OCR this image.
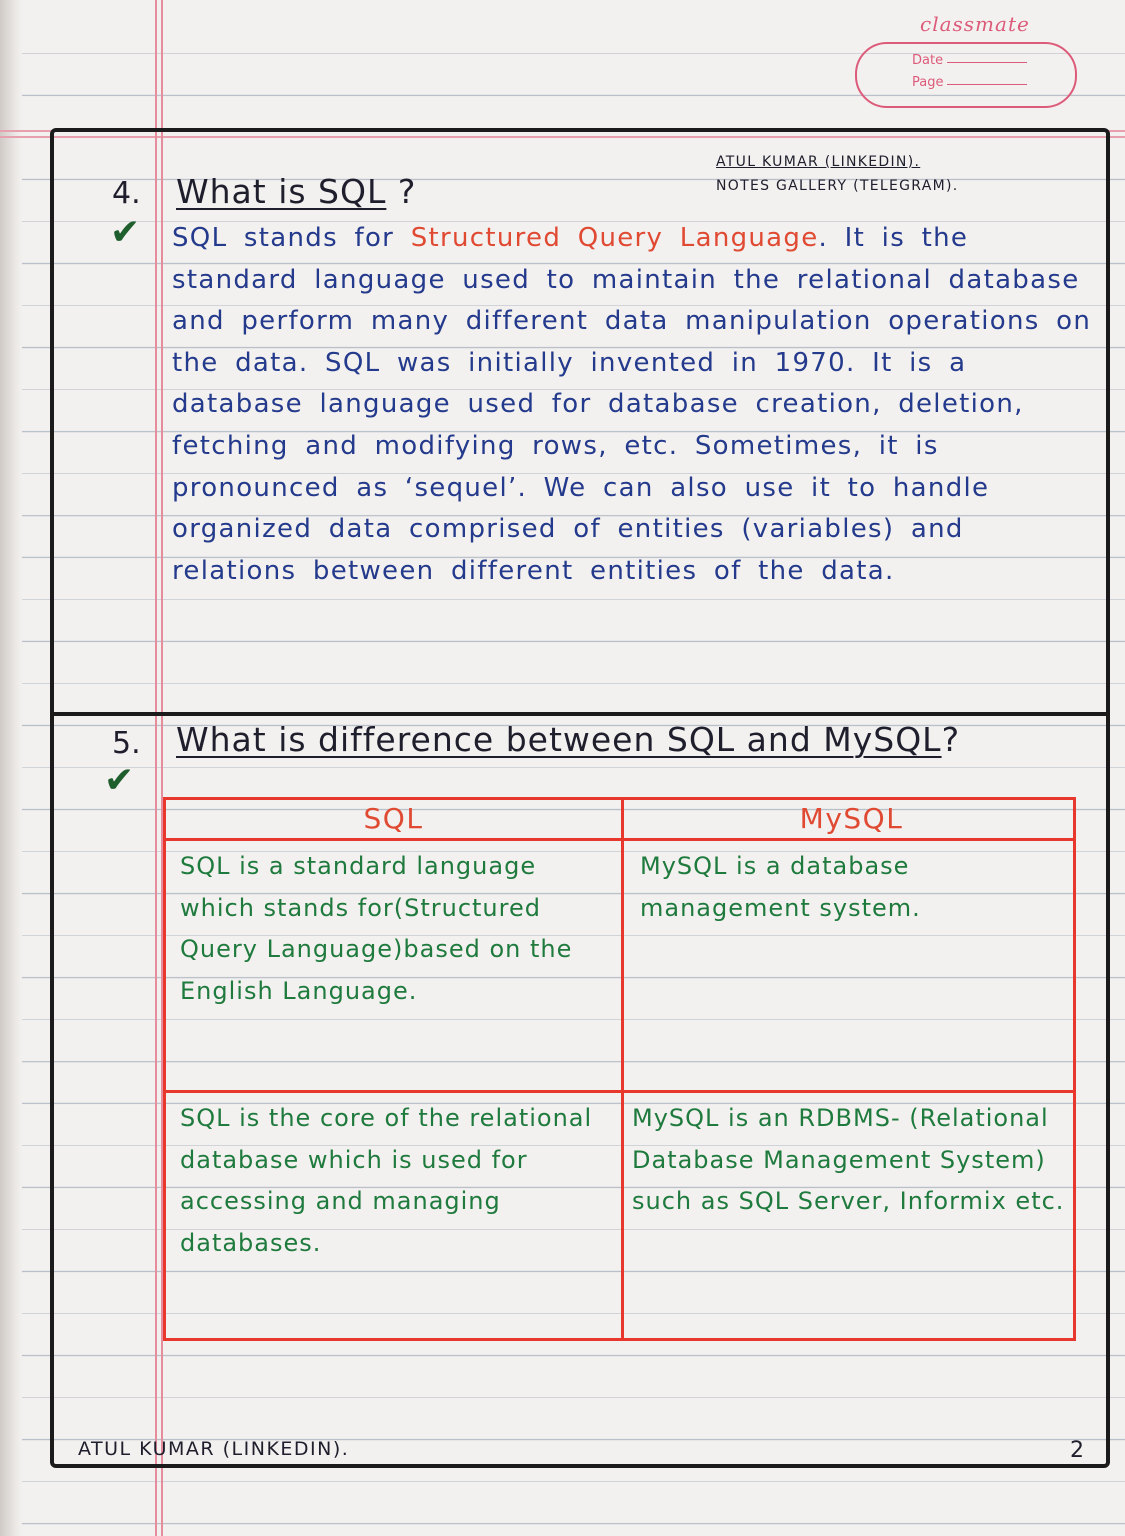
classmate
Date
Page
ATUL KUMAR (LINKEDIN).
NOTES GALLERY (TELEGRAM).
4. What is SQL ?
✔ SQL stands for Structured Query Language. It is the standard language used to maintain the relational database and perform many different data manipulation operations on the data. SQL was initially invented in 1970. It is a database language used for database creation, deletion, fetching and modifying rows, etc. Sometimes, it is pronounced as ‘sequel’. We can also use it to handle organized data comprised of entities (variables) and relations between different entities of the data.

5. What is difference between SQL and MySQL?
✔
SQL	MySQL

SQL is a standard language which stands for(Structured Query Language)based on the English Language.

MySQL is a database management system.

SQL is the core of the relational database which is used for accessing and managing databases.

MySQL is an RDBMS- (Relational Database Management System) such as SQL Server, Informix etc.

ATUL KUMAR (LINKEDIN).	2
